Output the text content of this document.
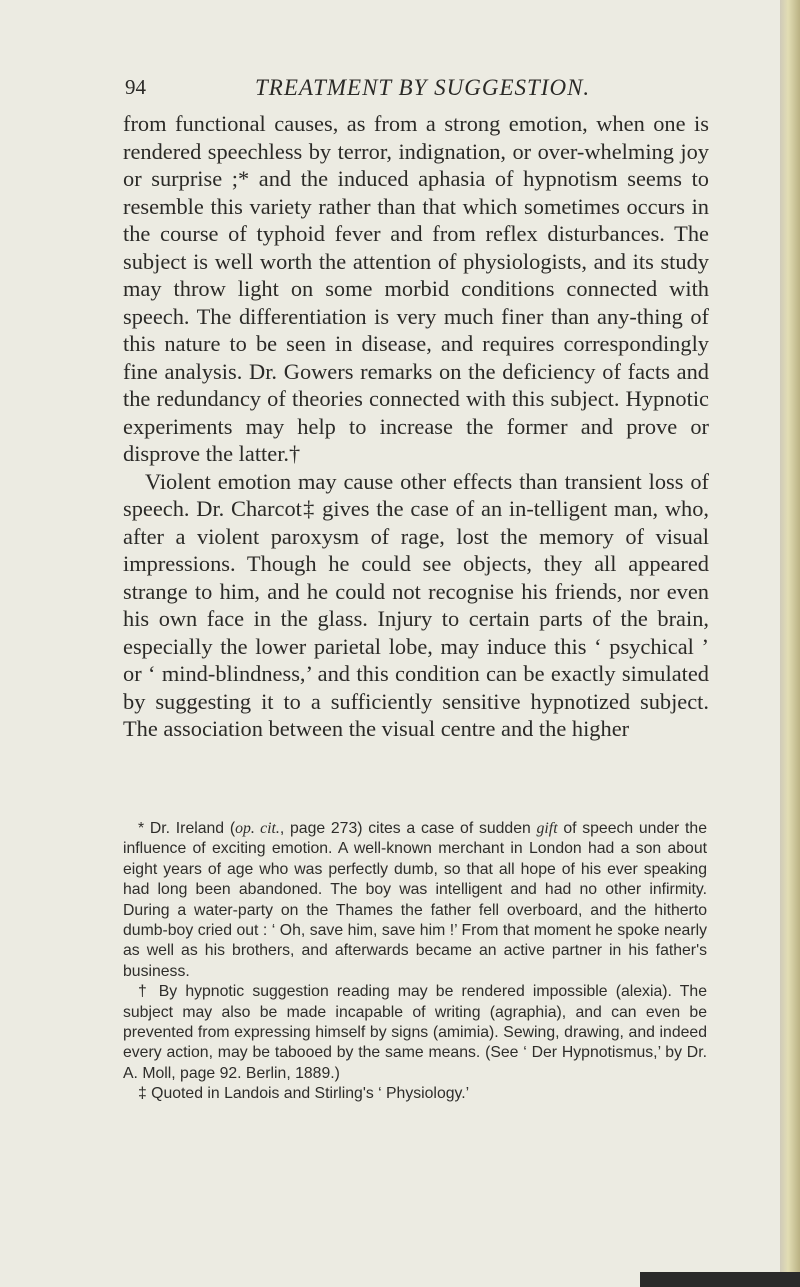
94	TREATMENT BY SUGGESTION.

from functional causes, as from a strong emotion, when one is rendered speechless by terror, indignation, or over-whelming joy or surprise ;* and the induced aphasia of hypnotism seems to resemble this variety rather than that which sometimes occurs in the course of typhoid fever and from reflex disturbances. The subject is well worth the attention of physiologists, and its study may throw light on some morbid conditions connected with speech. The differentiation is very much finer than any-thing of this nature to be seen in disease, and requires correspondingly fine analysis. Dr. Gowers remarks on the deficiency of facts and the redundancy of theories connected with this subject. Hypnotic experiments may help to increase the former and prove or disprove the latter.†

Violent emotion may cause other effects than transient loss of speech. Dr. Charcot‡ gives the case of an in-telligent man, who, after a violent paroxysm of rage, lost the memory of visual impressions. Though he could see objects, they all appeared strange to him, and he could not recognise his friends, nor even his own face in the glass. Injury to certain parts of the brain, especially the lower parietal lobe, may induce this ‘ psychical ’ or ‘ mind-blindness,’ and this condition can be exactly simulated by suggesting it to a sufficiently sensitive hypnotized subject. The association between the visual centre and the higher

* Dr. Ireland (op. cit., page 273) cites a case of sudden gift of speech under the influence of exciting emotion. A well-known merchant in London had a son about eight years of age who was perfectly dumb, so that all hope of his ever speaking had long been abandoned. The boy was intelligent and had no other infirmity. During a water-party on the Thames the father fell overboard, and the hitherto dumb-boy cried out : ‘ Oh, save him, save him !’ From that moment he spoke nearly as well as his brothers, and afterwards became an active partner in his father's business.

† By hypnotic suggestion reading may be rendered impossible (alexia). The subject may also be made incapable of writing (agraphia), and can even be prevented from expressing himself by signs (amimia). Sewing, drawing, and indeed every action, may be tabooed by the same means. (See ‘ Der Hypnotismus,’ by Dr. A. Moll, page 92. Berlin, 1889.)

‡ Quoted in Landois and Stirling's ‘ Physiology.’
